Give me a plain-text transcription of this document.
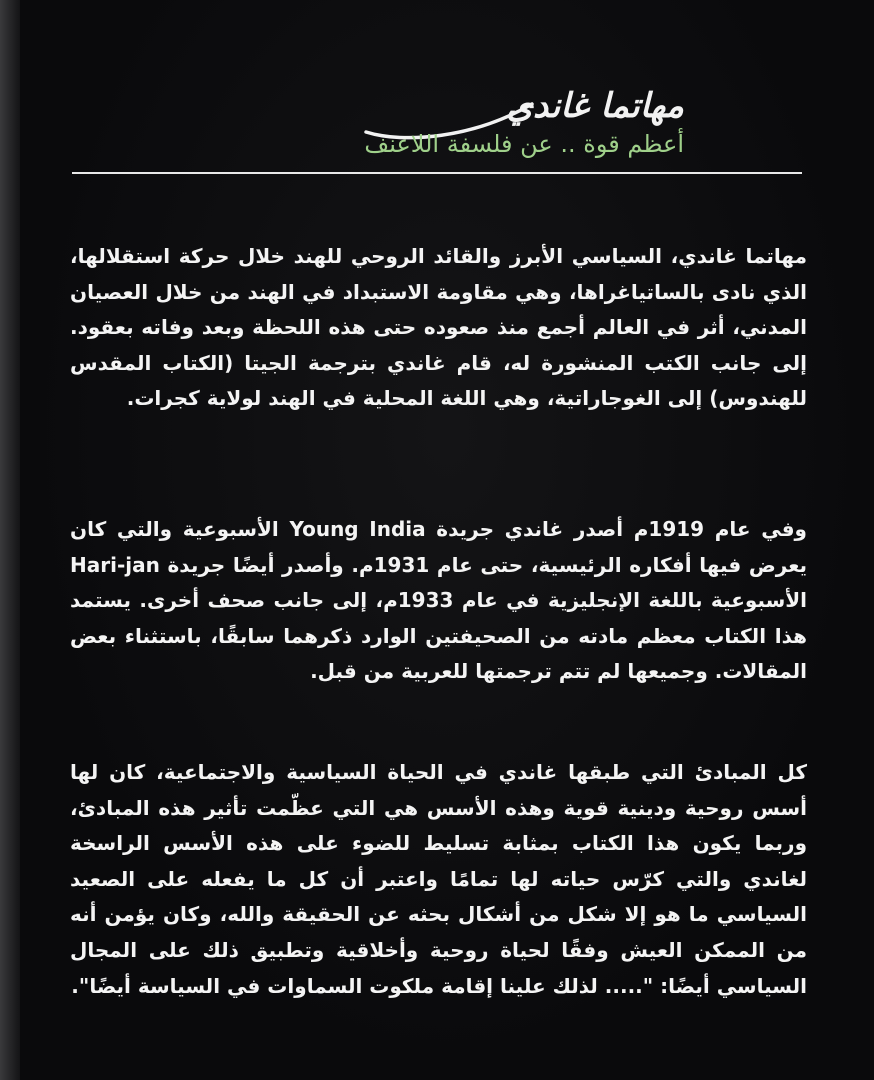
مهاتما غاندي
أعظم قوة .. عن فلسفة اللاعنف

مهاتما غاندي، السياسي الأبرز والقائد الروحي للهند خلال حركة استقلالها، الذي نادى بالساتياغراها، وهي مقاومة الاستبداد في الهند من خلال العصيان المدني، أثر في العالم أجمع منذ صعوده حتى هذه اللحظة وبعد وفاته بعقود. إلى جانب الكتب المنشورة له، قام غاندي بترجمة الجيتا (الكتاب المقدس للهندوس) إلى الغوجاراتية، وهي اللغة المحلية في الهند لولاية كجرات.

وفي عام 1919م أصدر غاندي جريدة Young India الأسبوعية والتي كان يعرض فيها أفكاره الرئيسية، حتى عام 1931م. وأصدر أيضًا جريدة Hari-jan الأسبوعية باللغة الإنجليزية في عام 1933م، إلى جانب صحف أخرى. يستمد هذا الكتاب معظم مادته من الصحيفتين الوارد ذكرهما سابقًا، باستثناء بعض المقالات. وجميعها لم تتم ترجمتها للعربية من قبل.

كل المبادئ التي طبقها غاندي في الحياة السياسية والاجتماعية، كان لها أسس روحية ودينية قوية وهذه الأسس هي التي عظّمت تأثير هذه المبادئ، وربما يكون هذا الكتاب بمثابة تسليط للضوء على هذه الأسس الراسخة لغاندي والتي كرّس حياته لها تمامًا واعتبر أن كل ما يفعله على الصعيد السياسي ما هو إلا شكل من أشكال بحثه عن الحقيقة والله، وكان يؤمن أنه من الممكن العيش وفقًا لحياة روحية وأخلاقية وتطبيق ذلك على المجال السياسي أيضًا: "..... لذلك علينا إقامة ملكوت السماوات في السياسة أيضًا".
